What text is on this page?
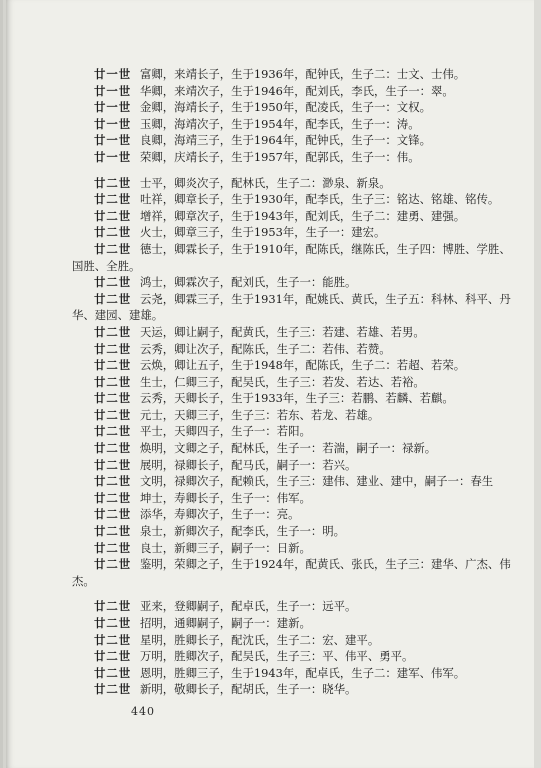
廿一世 富卿，来靖长子，生于1936年，配钟氏，生子二：士文、士伟。
廿一世 华卿，来靖次子，生于1946年，配刘氏，李氏，生子一：翠。
廿一世 金卿，海靖长子，生于1950年，配凌氏，生子一：文权。
廿一世 玉卿，海靖次子，生于1954年，配李氏，生子一：涛。
廿一世 良卿，海靖三子，生于1964年，配钟氏，生子一：文锋。
廿一世 荣卿，庆靖长子，生于1957年，配郭氏，生子一：伟。
廿二世 士平，卿炎次子，配林氏，生子二：渺泉、新泉。
廿二世 吐祥，卿章长子，生于1930年，配李氏，生子三：铭达、铭雄、铭传。
廿二世 增祥，卿章次子，生于1943年，配刘氏，生子二：建勇、建强。
廿二世 火士，卿章三子，生于1953年，生子一：建宏。
廿二世 德士，卿霖长子，生于1910年，配陈氏，继陈氏，生子四：博胜、学胜、
国胜、全胜。
廿二世 鸿士，卿霖次子，配刘氏，生子一：能胜。
廿二世 云尧，卿霖三子，生于1931年，配姚氏、黄氏，生子五：科林、科平、丹
华、建园、建雄。
廿二世 天运，卿让嗣子，配黄氏，生子三：若建、若雄、若男。
廿二世 云秀，卿让次子，配陈氏，生子二：若伟、若赞。
廿二世 云焕，卿让五子，生于1948年，配陈氏，生子二：若超、若荣。
廿二世 生士，仁卿三子，配吴氏，生子三：若发、若达、若裕。
廿二世 云秀，天卿长子，生于1933年，生子三：若鹏、若麟、若麒。
廿二世 元士，天卿三子，生子三：若东、若龙、若雄。
廿二世 平士，天卿四子，生子一：若阳。
廿二世 焕明，文卿之子，配林氏，生子一：若湍，嗣子一：禄新。
廿二世 展明，禄卿长子，配马氏，嗣子一：若兴。
廿二世 文明，禄卿次子，配赖氏，生子三：建伟、建业、建中，嗣子一：春生
廿二世 坤士，寿卿长子，生子一：伟军。
廿二世 添华，寿卿次子，生子一：亮。
廿二世 泉士，新卿次子，配李氏，生子一：明。
廿二世 良士，新卿三子，嗣子一：日新。
廿二世 鉴明，荣卿之子，生于1924年，配黄氏、张氏，生子三：建华、广杰、伟
杰。
廿二世 亚来，登卿嗣子，配卓氏，生子一：远平。
廿二世 招明，通卿嗣子，嗣子一：建新。
廿二世 星明，胜卿长子，配沈氏，生子二：宏、建平。
廿二世 万明，胜卿次子，配吴氏，生子三：平、伟平、勇平。
廿二世 恩明，胜卿三子，生于1943年，配卓氏，生子二：建军、伟军。
廿二世 新明，敬卿长子，配胡氏，生子一：晓华。
440
